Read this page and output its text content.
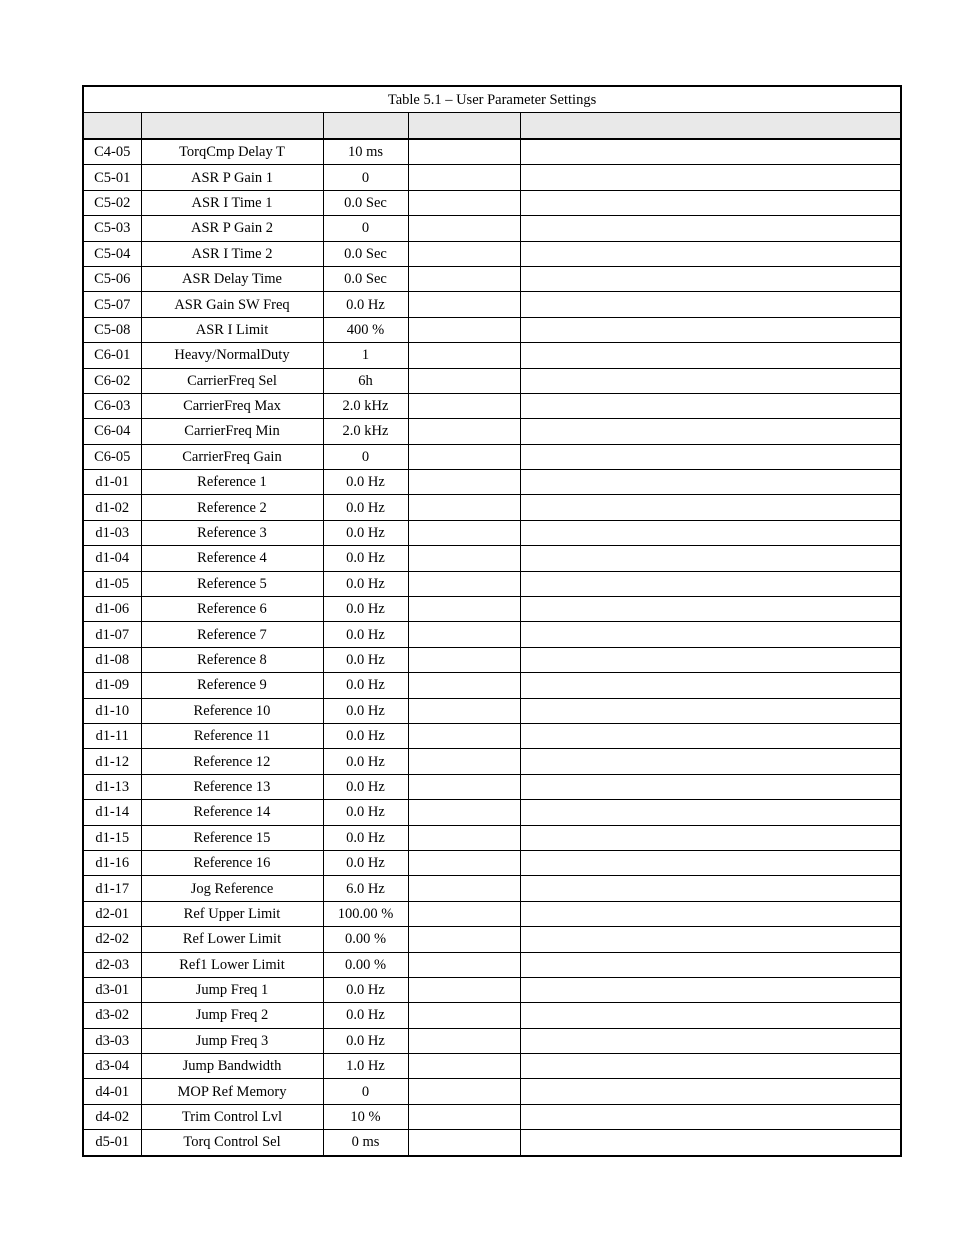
Table 5.1 – User Parameter Settings				

C4-05	TorqCmp Delay T	10 ms		
C5-01	ASR P Gain 1	0		
C5-02	ASR I Time 1	0.0 Sec		
C5-03	ASR P Gain 2	0		
C5-04	ASR I Time 2	0.0 Sec		
C5-06	ASR Delay Time	0.0 Sec		
C5-07	ASR Gain SW Freq	0.0 Hz		
C5-08	ASR I Limit	400 %		
C6-01	Heavy/NormalDuty	1		
C6-02	CarrierFreq Sel	6h		
C6-03	CarrierFreq Max	2.0 kHz		
C6-04	CarrierFreq Min	2.0 kHz		
C6-05	CarrierFreq Gain	0		
d1-01	Reference 1	0.0 Hz		
d1-02	Reference 2	0.0 Hz		
d1-03	Reference 3	0.0 Hz		
d1-04	Reference 4	0.0 Hz		
d1-05	Reference 5	0.0 Hz		
d1-06	Reference 6	0.0 Hz		
d1-07	Reference 7	0.0 Hz		
d1-08	Reference 8	0.0 Hz		
d1-09	Reference 9	0.0 Hz		
d1-10	Reference 10	0.0 Hz		
d1-11	Reference 11	0.0 Hz		
d1-12	Reference 12	0.0 Hz		
d1-13	Reference 13	0.0 Hz		
d1-14	Reference 14	0.0 Hz		
d1-15	Reference 15	0.0 Hz		
d1-16	Reference 16	0.0 Hz		
d1-17	Jog Reference	6.0 Hz		
d2-01	Ref Upper Limit	100.00 %		
d2-02	Ref Lower Limit	0.00 %		
d2-03	Ref1 Lower Limit	0.00 %		
d3-01	Jump Freq 1	0.0 Hz		
d3-02	Jump Freq 2	0.0 Hz		
d3-03	Jump Freq 3	0.0 Hz		
d3-04	Jump Bandwidth	1.0 Hz		
d4-01	MOP Ref Memory	0		
d4-02	Trim Control Lvl	10 %		
d5-01	Torq Control Sel	0 ms		
